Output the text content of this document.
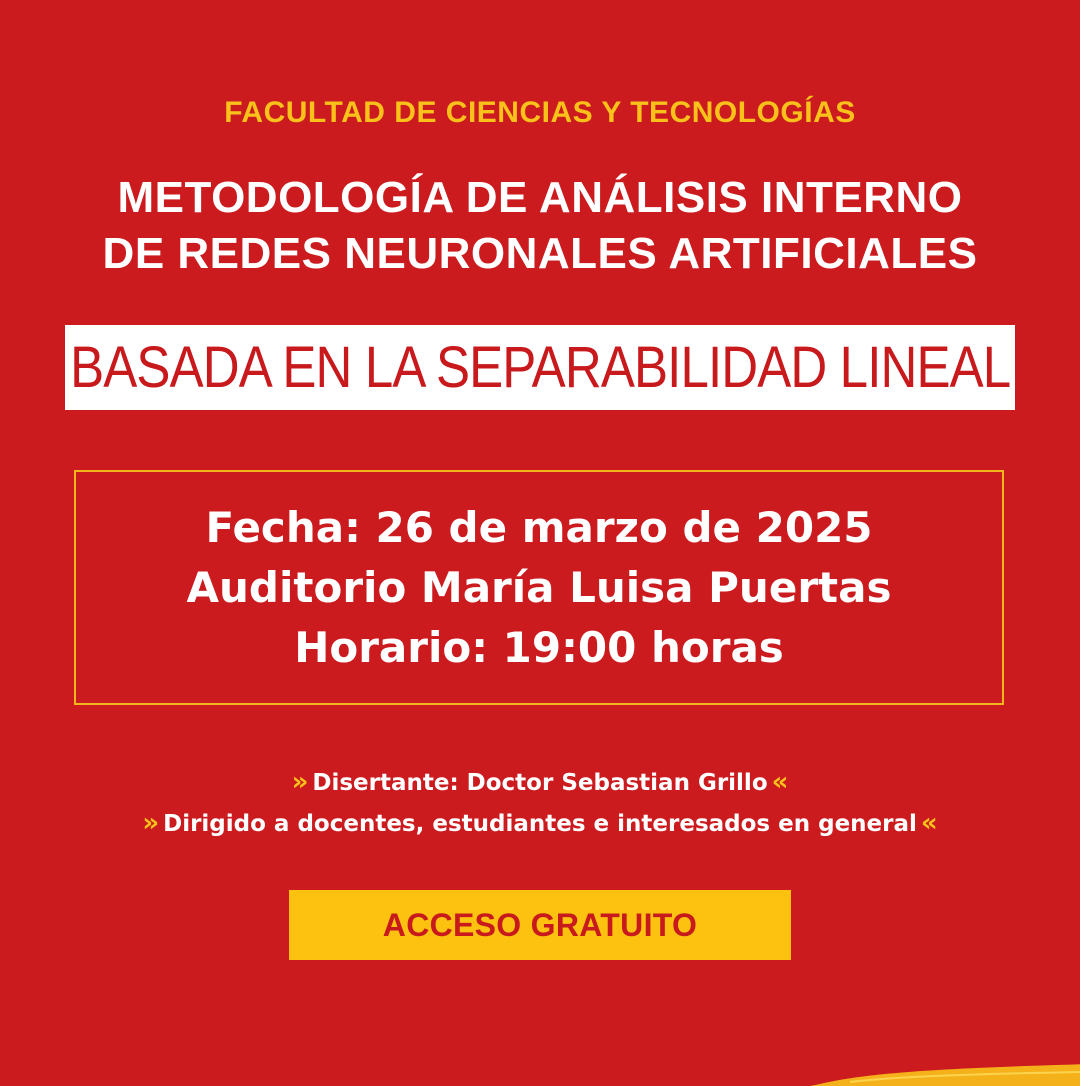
FACULTAD DE CIENCIAS Y TECNOLOGÍAS
METODOLOGÍA DE ANÁLISIS INTERNO
DE REDES NEURONALES ARTIFICIALES
BASADA EN LA SEPARABILIDAD LINEAL
Fecha: 26 de marzo de 2025
Auditorio María Luisa Puertas
Horario: 19:00 horas
» Disertante: Doctor Sebastian Grillo «
» Dirigido a docentes, estudiantes e interesados en general «
ACCESO GRATUITO
